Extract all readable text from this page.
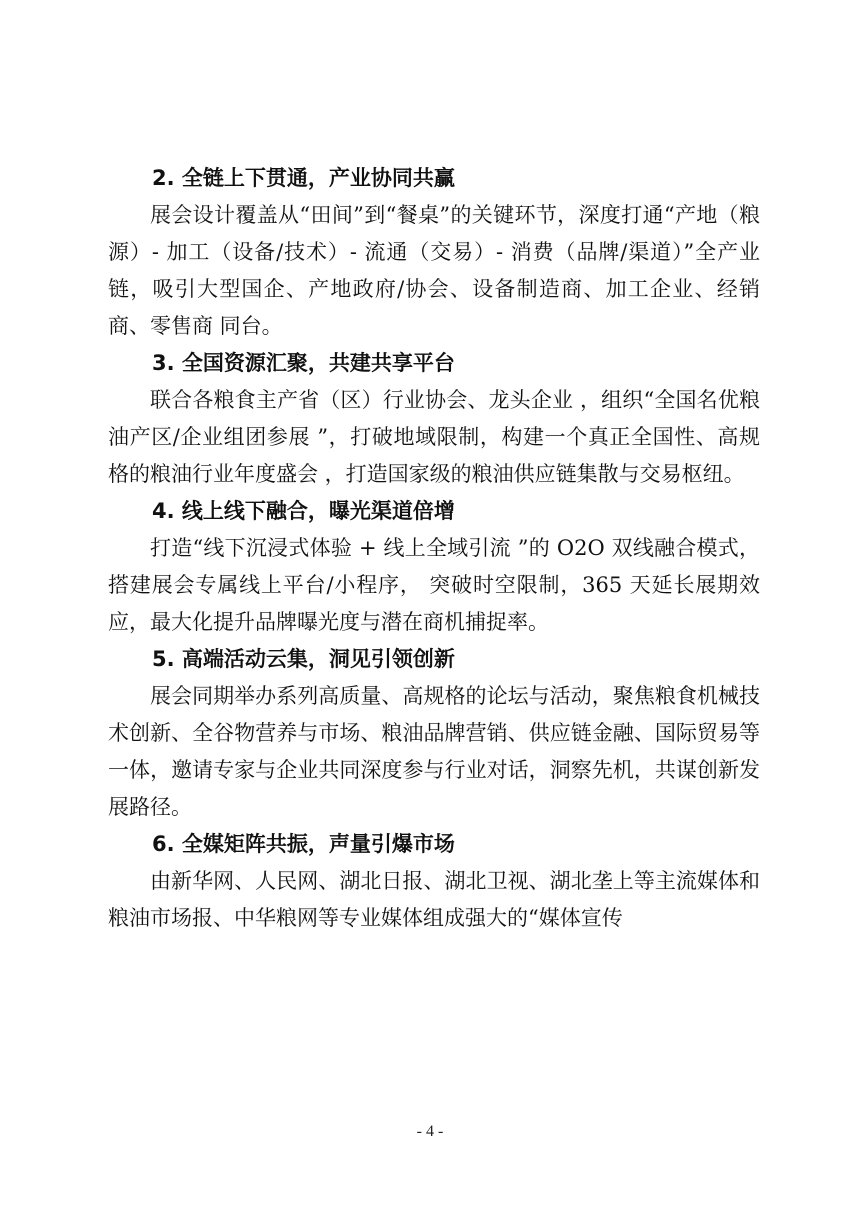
2. 全链上下贯通，产业协同共赢

展会设计覆盖从“田间”到“餐桌”的关键环节，深度打通“产地（粮源）- 加工（设备/技术）- 流通（交易）- 消费（品牌/渠道）”全产业链，吸引大型国企、产地政府/协会、设备制造商、加工企业、经销商、零售商 同台。

3. 全国资源汇聚，共建共享平台

联合各粮食主产省（区）行业协会、龙头企业 ，组织“全国名优粮油产区/企业组团参展 ”，打破地域限制，构建一个真正全国性、高规格的粮油行业年度盛会 ，打造国家级的粮油供应链集散与交易枢纽。

4. 线上线下融合，曝光渠道倍增

打造“线下沉浸式体验 + 线上全域引流 ”的 O2O 双线融合模式， 搭建展会专属线上平台/小程序， 突破时空限制，365 天延长展期效应，最大化提升品牌曝光度与潜在商机捕捉率。

5. 高端活动云集，洞见引领创新

展会同期举办系列高质量、高规格的论坛与活动，聚焦粮食机械技术创新、全谷物营养与市场、粮油品牌营销、供应链金融、国际贸易等一体，邀请专家与企业共同深度参与行业对话，洞察先机，共谋创新发展路径。

6. 全媒矩阵共振，声量引爆市场

由新华网、人民网、湖北日报、湖北卫视、湖北垄上等主流媒体和粮油市场报、中华粮网等专业媒体组成强大的“媒体宣传

- 4 -
